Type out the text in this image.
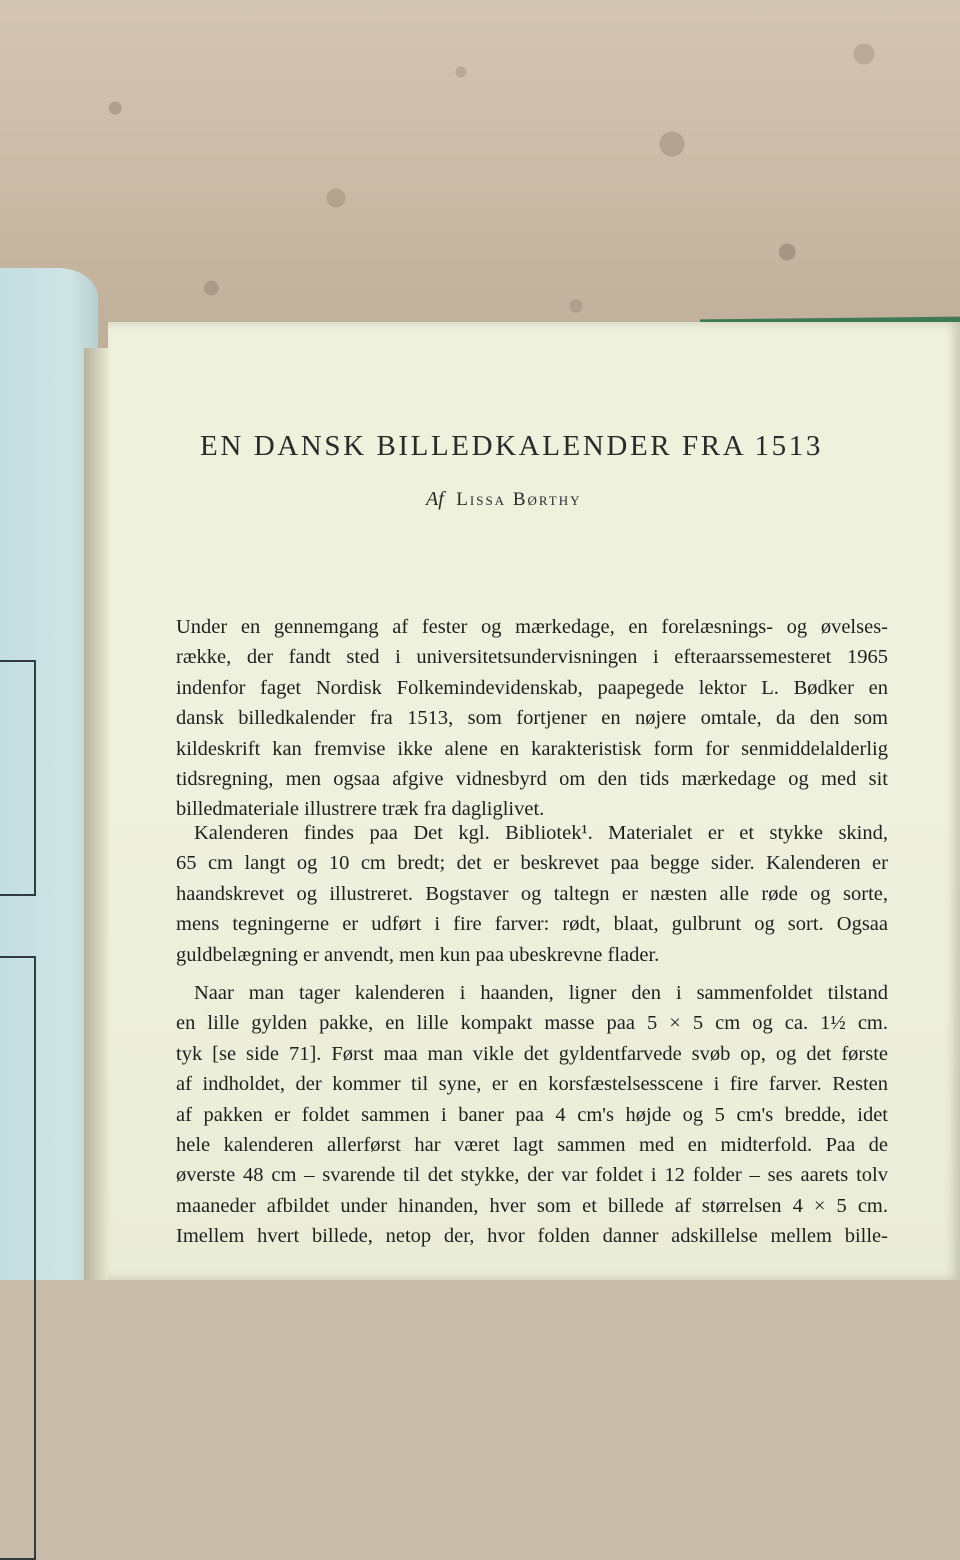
EN DANSK BILLEDKALENDER FRA 1513
Af Lissa Børthy
Under en gennemgang af fester og mærkedage, en forelæsnings- og øvelses-
række, der fandt sted i universitetsundervisningen i efteraarssemesteret 1965
indenfor faget Nordisk Folkemindevidenskab, paapegede lektor L. Bødker en
dansk billedkalender fra 1513, som fortjener en nøjere omtale, da den som
kildeskrift kan fremvise ikke alene en karakteristisk form for senmiddelalderlig
tidsregning, men ogsaa afgive vidnesbyrd om den tids mærkedage og med sit
billedmateriale illustrere træk fra dagliglivet.
Kalenderen findes paa Det kgl. Bibliotek¹. Materialet er et stykke skind,
65 cm langt og 10 cm bredt; det er beskrevet paa begge sider. Kalenderen er
haandskrevet og illustreret. Bogstaver og taltegn er næsten alle røde og sorte,
mens tegningerne er udført i fire farver: rødt, blaat, gulbrunt og sort. Ogsaa
guldbelægning er anvendt, men kun paa ubeskrevne flader.
Naar man tager kalenderen i haanden, ligner den i sammenfoldet tilstand
en lille gylden pakke, en lille kompakt masse paa 5 × 5 cm og ca. 1½ cm.
tyk [se side 71]. Først maa man vikle det gyldentfarvede svøb op, og det første
af indholdet, der kommer til syne, er en korsfæstelsesscene i fire farver. Resten
af pakken er foldet sammen i baner paa 4 cm's højde og 5 cm's bredde, idet
hele kalenderen allerførst har været lagt sammen med en midterfold. Paa de
øverste 48 cm – svarende til det stykke, der var foldet i 12 folder – ses aarets tolv
maaneder afbildet under hinanden, hver som et billede af størrelsen 4 × 5 cm.
Imellem hvert billede, netop der, hvor folden danner adskillelse mellem bille-
